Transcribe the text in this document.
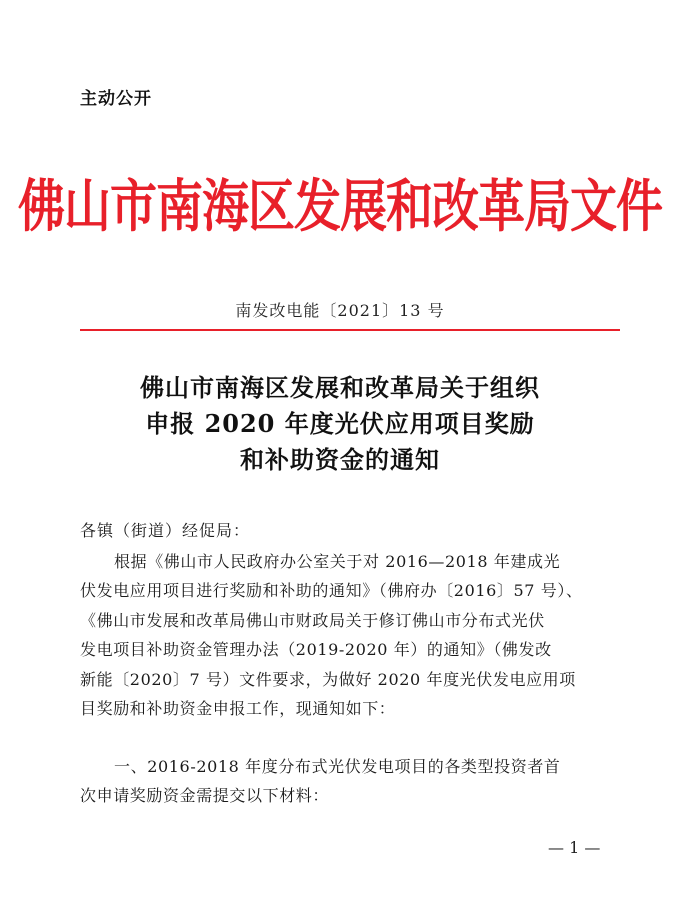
主动公开
佛山市南海区发展和改革局文件
南发改电能〔2021〕13 号
佛山市南海区发展和改革局关于组织
申报 2020 年度光伏应用项目奖励
和补助资金的通知
各镇（街道）经促局：
根据《佛山市人民政府办公室关于对 2016—2018 年建成光
伏发电应用项目进行奖励和补助的通知》（佛府办〔2016〕57 号）、
《佛山市发展和改革局佛山市财政局关于修订佛山市分布式光伏
发电项目补助资金管理办法（2019-2020 年）的通知》（佛发改
新能〔2020〕7 号）文件要求，为做好 2020 年度光伏发电应用项
目奖励和补助资金申报工作，现通知如下：
一、2016-2018 年度分布式光伏发电项目的各类型投资者首
次申请奖励资金需提交以下材料：
— 1 —
